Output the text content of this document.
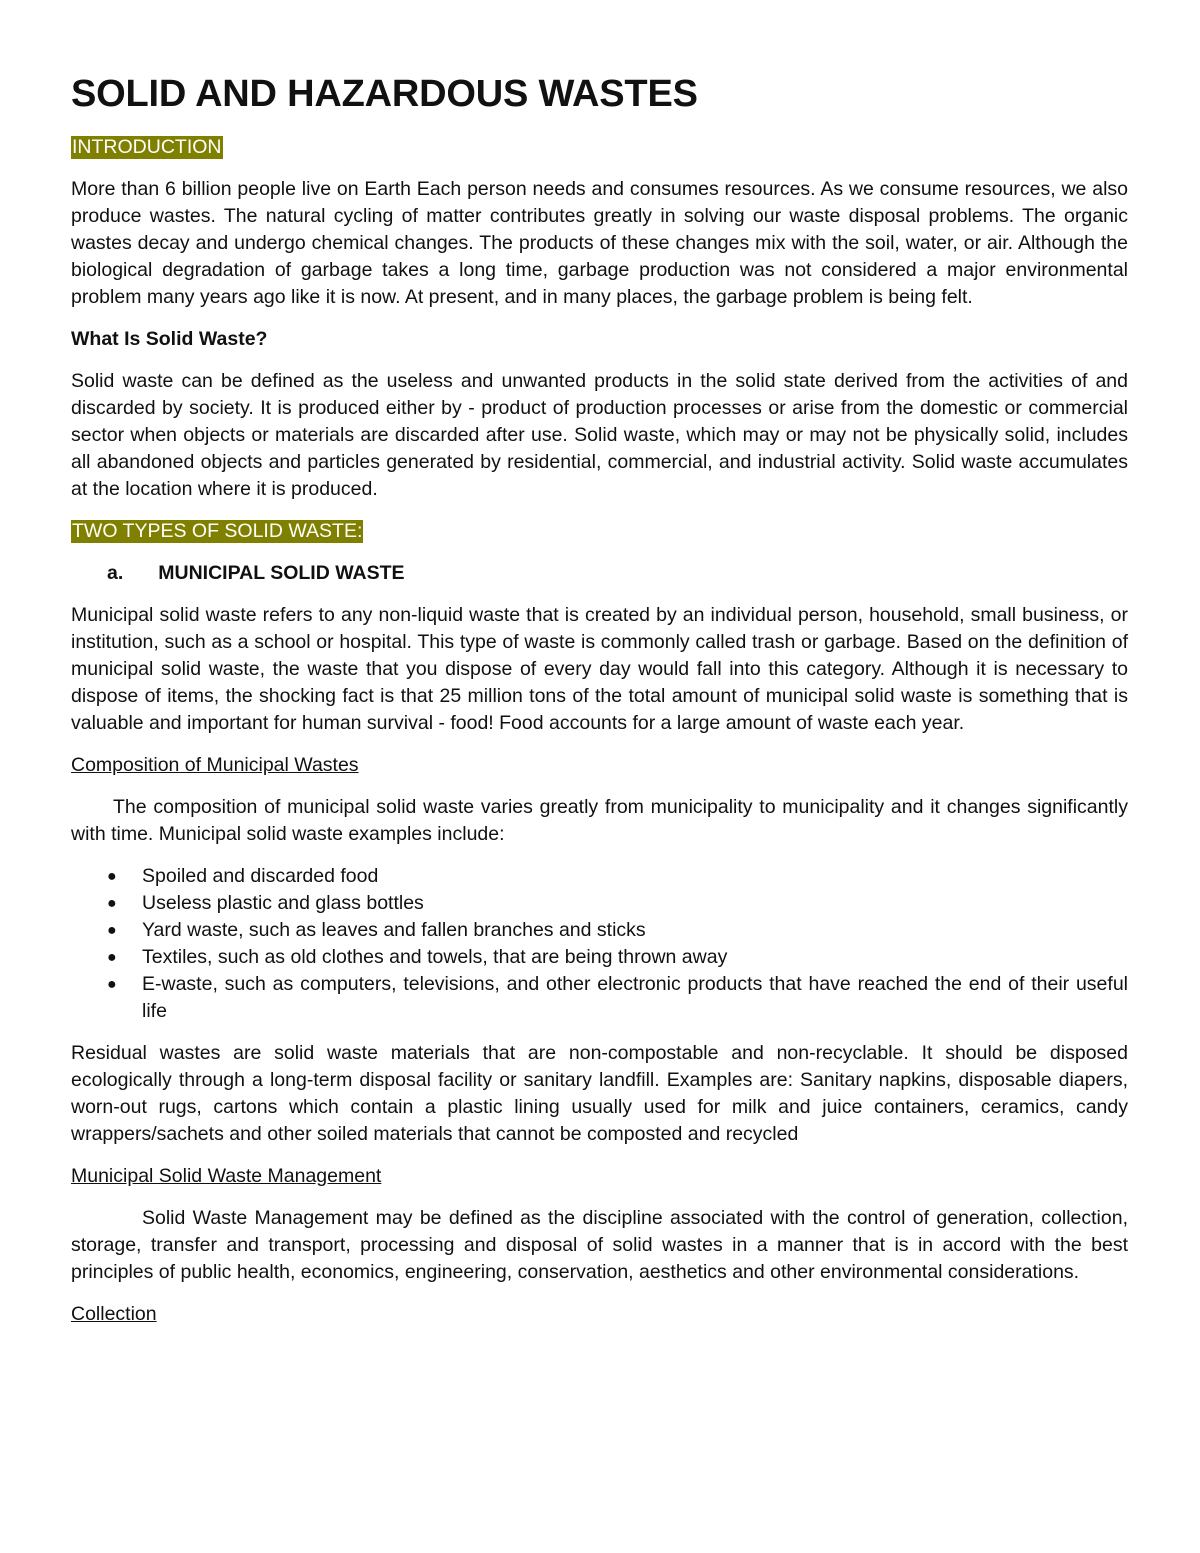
SOLID AND HAZARDOUS WASTES
INTRODUCTION

More than 6 billion people live on Earth Each person needs and consumes resources. As we consume resources, we also produce wastes. The natural cycling of matter contributes greatly in solving our waste disposal problems. The organic wastes decay and undergo chemical changes. The products of these changes mix with the soil, water, or air. Although the biological degradation of garbage takes a long time, garbage production was not considered a major environmental problem many years ago like it is now. At present, and in many places, the garbage problem is being felt.

What Is Solid Waste?

Solid waste can be defined as the useless and unwanted products in the solid state derived from the activities of and discarded by society. It is produced either by - product of production processes or arise from the domestic or commercial sector when objects or materials are discarded after use. Solid waste, which may or may not be physically solid, includes all abandoned objects and particles generated by residential, commercial, and industrial activity. Solid waste accumulates at the location where it is produced.

TWO TYPES OF SOLID WASTE:
a. MUNICIPAL SOLID WASTE

Municipal solid waste refers to any non-liquid waste that is created by an individual person, household, small business, or institution, such as a school or hospital. This type of waste is commonly called trash or garbage. Based on the definition of municipal solid waste, the waste that you dispose of every day would fall into this category. Although it is necessary to dispose of items, the shocking fact is that 25 million tons of the total amount of municipal solid waste is something that is valuable and important for human survival - food! Food accounts for a large amount of waste each year.

Composition of Municipal Wastes

The composition of municipal solid waste varies greatly from municipality to municipality and it changes significantly with time. Municipal solid waste examples include:

● Spoiled and discarded food
● Useless plastic and glass bottles
● Yard waste, such as leaves and fallen branches and sticks
● Textiles, such as old clothes and towels, that are being thrown away
● E-waste, such as computers, televisions, and other electronic products that have reached the end of their useful life

Residual wastes are solid waste materials that are non-compostable and non-recyclable. It should be disposed ecologically through a long-term disposal facility or sanitary landfill. Examples are: Sanitary napkins, disposable diapers, worn-out rugs, cartons which contain a plastic lining usually used for milk and juice containers, ceramics, candy wrappers/sachets and other soiled materials that cannot be composted and recycled

Municipal Solid Waste Management

Solid Waste Management may be defined as the discipline associated with the control of generation, collection, storage, transfer and transport, processing and disposal of solid wastes in a manner that is in accord with the best principles of public health, economics, engineering, conservation, aesthetics and other environmental considerations.

Collection
